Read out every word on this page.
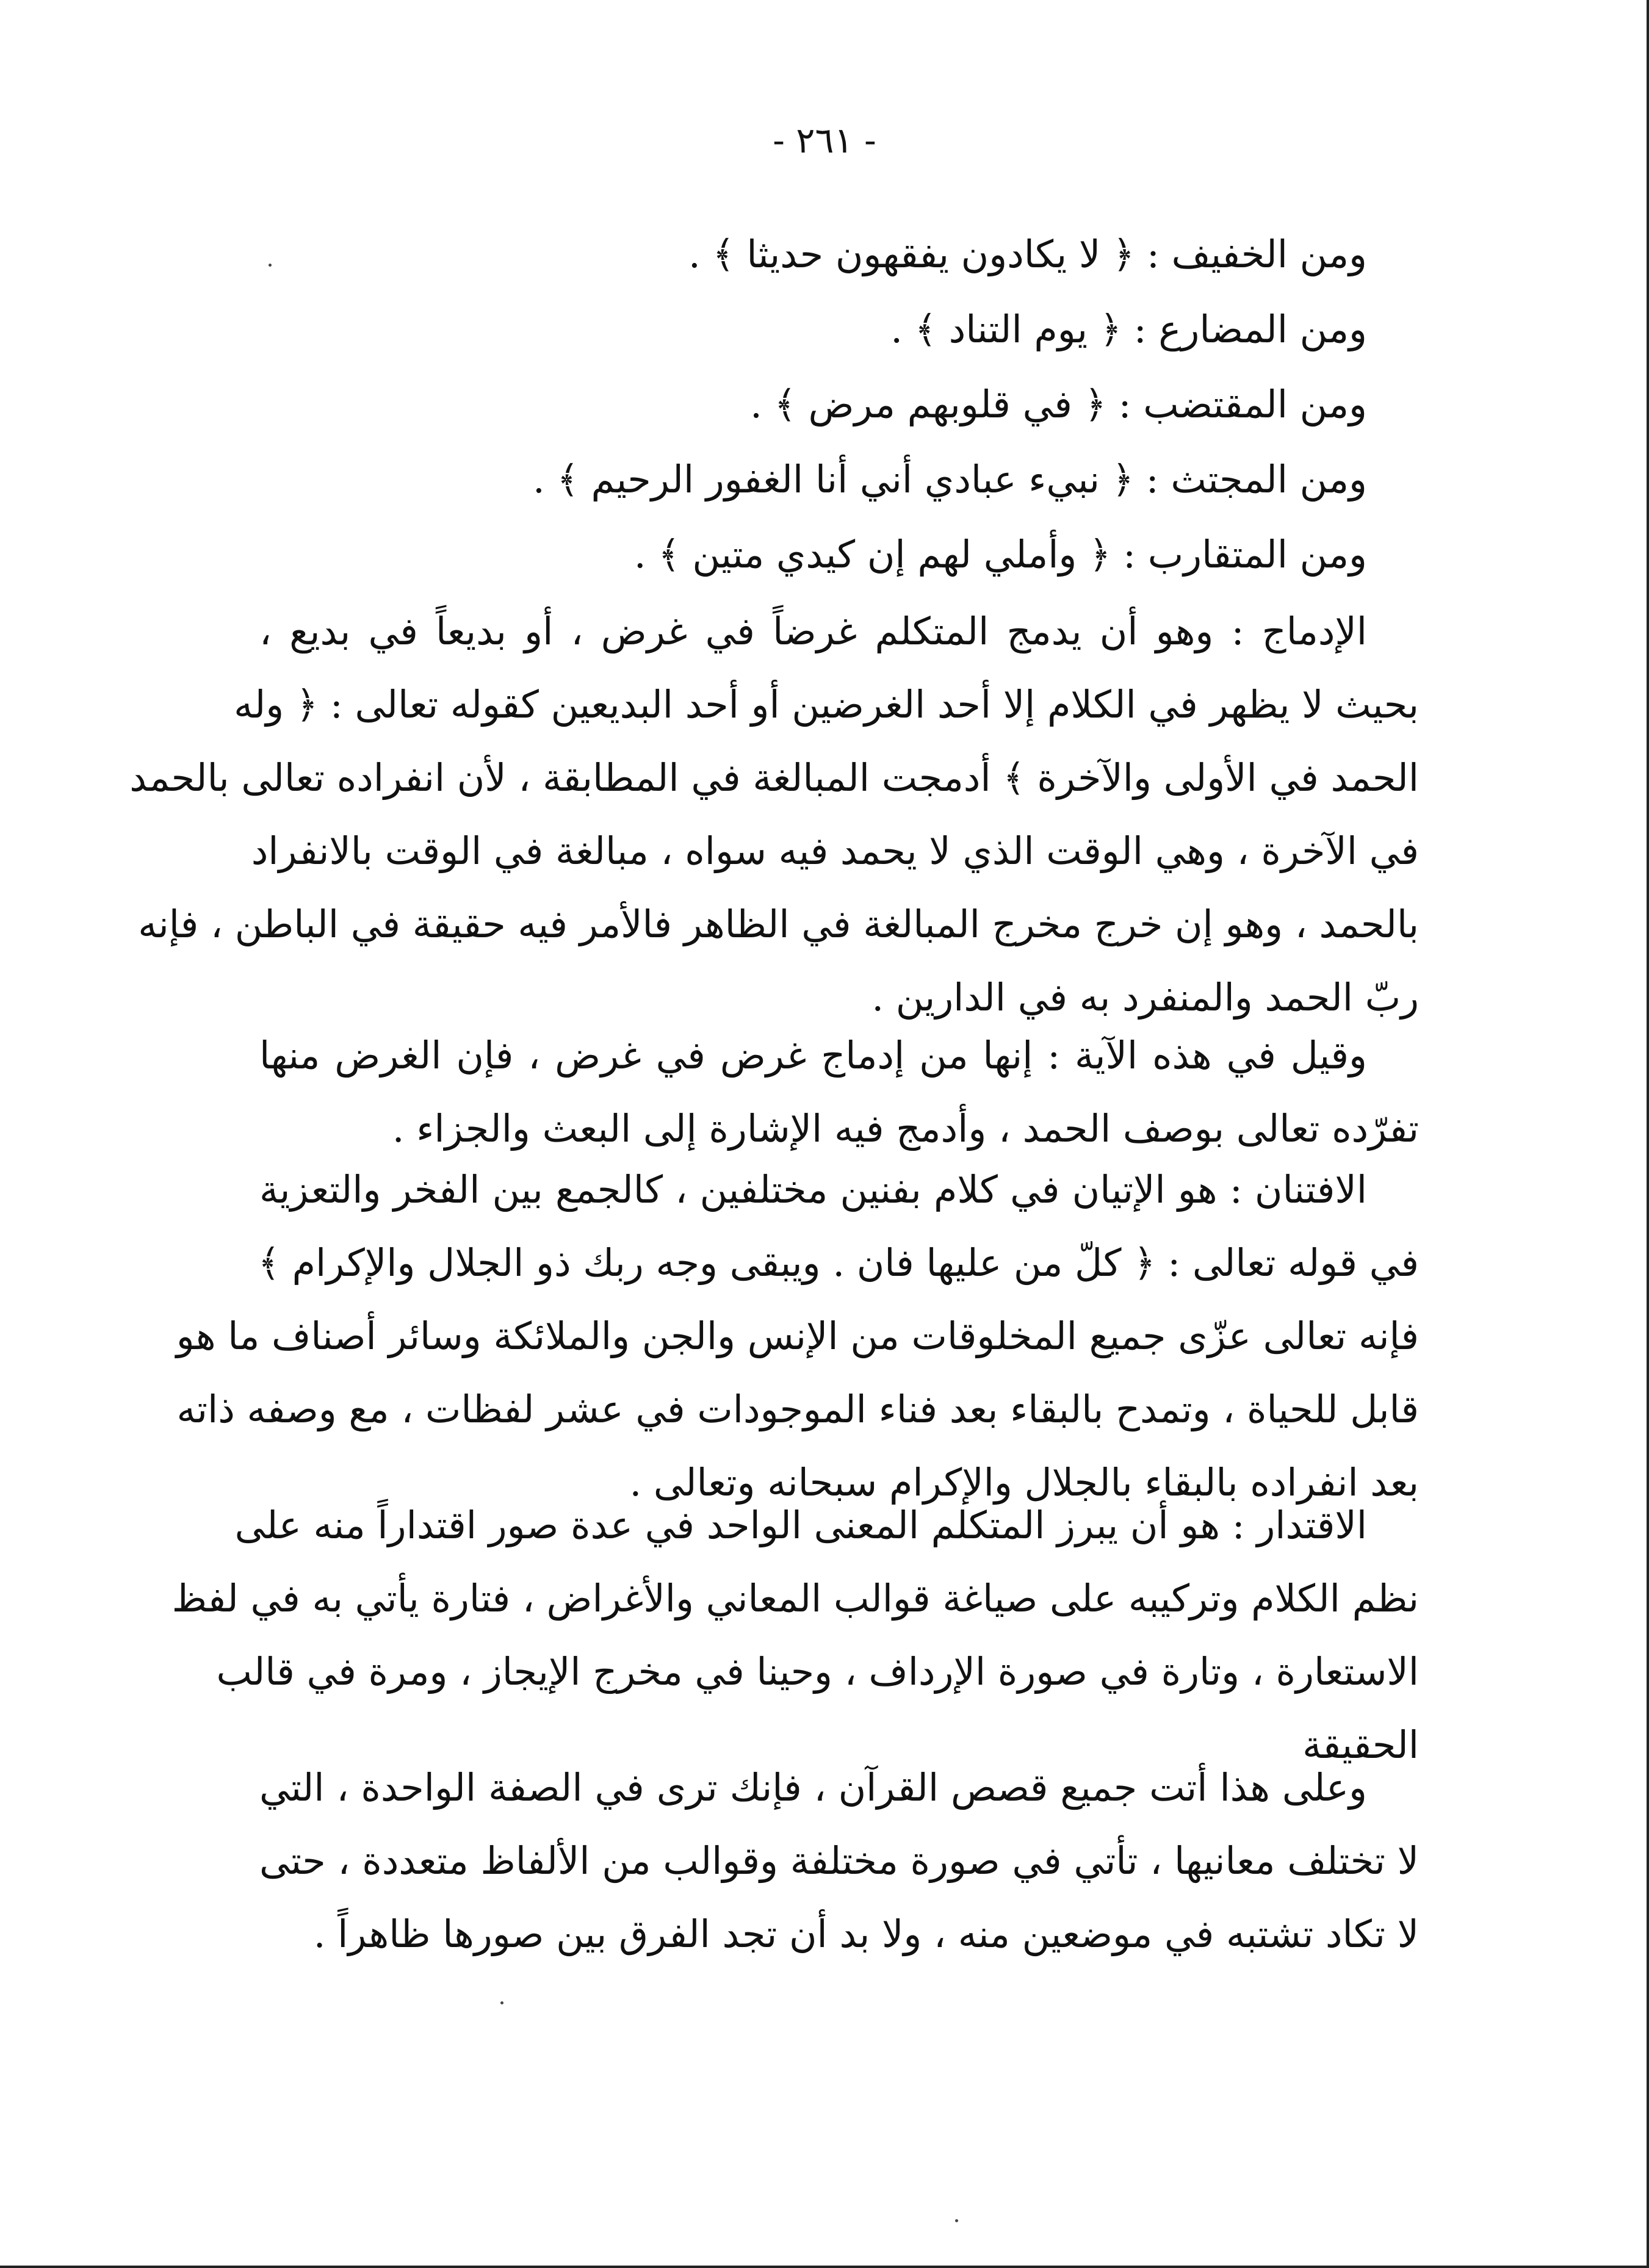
- ٢٦١ -
ومن الخفيف : ﴿ لا يكادون يفقهون حديثا ﴾ .
ومن المضارع : ﴿ يوم التناد ﴾ .
ومن المقتضب : ﴿ في قلوبهم مرض ﴾ .
ومن المجتث : ﴿ نبيء عبادي أني أنا الغفور الرحيم ﴾ .
ومن المتقارب : ﴿ وأملي لهم إن كيدي متين ﴾ .
الإدماج : وهو أن يدمج المتكلم غرضاً في غرض ، أو بديعاً في بديع ،
بحيث لا يظهر في الكلام إلا أحد الغرضين أو أحد البديعين كقوله تعالى : ﴿ وله
الحمد في الأولى والآخرة ﴾ أدمجت المبالغة في المطابقة ، لأن انفراده تعالى بالحمد
في الآخرة ، وهي الوقت الذي لا يحمد فيه سواه ، مبالغة في الوقت بالانفراد
بالحمد ، وهو إن خرج مخرج المبالغة في الظاهر فالأمر فيه حقيقة في الباطن ، فإنه
ربّ الحمد والمنفرد به في الدارين .
وقيل في هذه الآية : إنها من إدماج غرض في غرض ، فإن الغرض منها
تفرّده تعالى بوصف الحمد ، وأدمج فيه الإشارة إلى البعث والجزاء .
الافتنان : هو الإتيان في كلام بفنين مختلفين ، كالجمع بين الفخر والتعزية
في قوله تعالى : ﴿ كلّ من عليها فان . ويبقى وجه ربك ذو الجلال والإكرام ﴾
فإنه تعالى عزّى جميع المخلوقات من الإنس والجن والملائكة وسائر أصناف ما هو
قابل للحياة ، وتمدح بالبقاء بعد فناء الموجودات في عشر لفظات ، مع وصفه ذاته
بعد انفراده بالبقاء بالجلال والإكرام سبحانه وتعالى .
الاقتدار : هو أن يبرز المتكلم المعنى الواحد في عدة صور اقتداراً منه على
نظم الكلام وتركيبه على صياغة قوالب المعاني والأغراض ، فتارة يأتي به في لفظ
الاستعارة ، وتارة في صورة الإرداف ، وحينا في مخرج الإيجاز ، ومرة في قالب
الحقيقة
وعلى هذا أتت جميع قصص القرآن ، فإنك ترى في الصفة الواحدة ، التي
لا تختلف معانيها ، تأتي في صورة مختلفة وقوالب من الألفاظ متعددة ، حتى
لا تكاد تشتبه في موضعين منه ، ولا بد أن تجد الفرق بين صورها ظاهراً .
